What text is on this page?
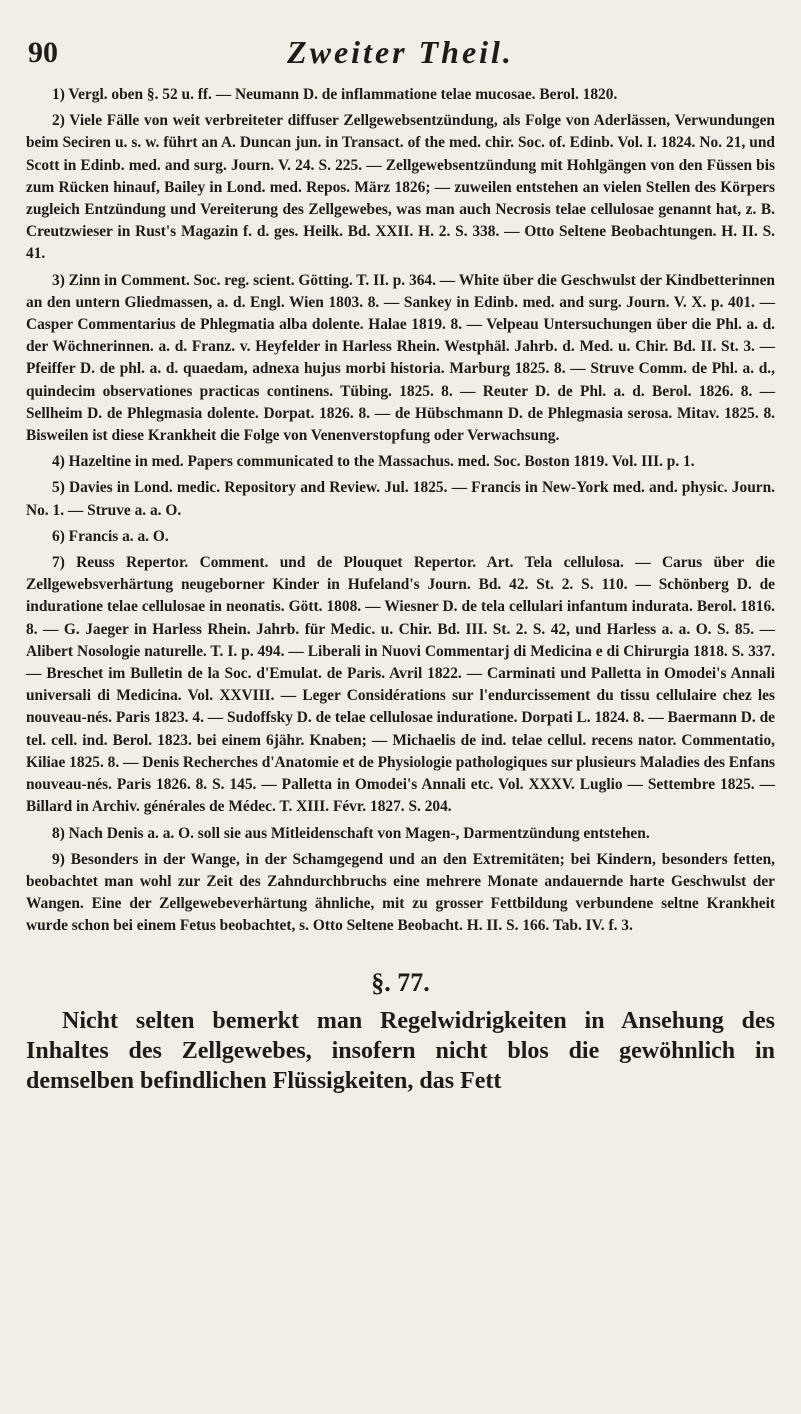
90	Zweiter Theil.

1) Vergl. oben §. 52 u. ff. — Neumann D. de inflammatione telae mucosae. Berol. 1820.

2) Viele Fälle von weit verbreiteter diffuser Zellgewebsentzündung, als Folge von Aderlässen, Verwundungen beim Seciren u. s. w. führt an A. Duncan jun. in Transact. of the med. chir. Soc. of. Edinb. Vol. I. 1824. No. 21, und Scott in Edinb. med. and surg. Journ. V. 24. S. 225. — Zellgewebsentzündung mit Hohlgängen von den Füssen bis zum Rücken hinauf, Bailey in Lond. med. Repos. März 1826; — zuweilen entstehen an vielen Stellen des Körpers zugleich Entzündung und Vereiterung des Zellgewebes, was man auch Necrosis telae cellulosae genannt hat, z. B. Creutzwieser in Rust's Magazin f. d. ges. Heilk. Bd. XXII. H. 2. S. 338. — Otto Seltene Beobachtungen. H. II. S. 41.

3) Zinn in Comment. Soc. reg. scient. Götting. T. II. p. 364. — White über die Geschwulst der Kindbetterinnen an den untern Gliedmassen, a. d. Engl. Wien 1803. 8. — Sankey in Edinb. med. and surg. Journ. V. X. p. 401. — Casper Commentarius de Phlegmatia alba dolente. Halae 1819. 8. — Velpeau Untersuchungen über die Phl. a. d. der Wöchnerinnen. a. d. Franz. v. Heyfelder in Harless Rhein. Westphäl. Jahrb. d. Med. u. Chir. Bd. II. St. 3. — Pfeiffer D. de phl. a. d. quaedam, adnexa hujus morbi historia. Marburg 1825. 8. — Struve Comm. de Phl. a. d., quindecim observationes practicas continens. Tübing. 1825. 8. — Reuter D. de Phl. a. d. Berol. 1826. 8. — Sellheim D. de Phlegmasia dolente. Dorpat. 1826. 8. — de Hübschmann D. de Phlegmasia serosa. Mitav. 1825. 8. Bisweilen ist diese Krankheit die Folge von Venenverstopfung oder Verwachsung.

4) Hazeltine in med. Papers communicated to the Massachus. med. Soc. Boston 1819. Vol. III. p. 1.

5) Davies in Lond. medic. Repository and Review. Jul. 1825. — Francis in New-York med. and. physic. Journ. No. 1. — Struve a. a. O.

6) Francis a. a. O.

7) Reuss Repertor. Comment. und de Plouquet Repertor. Art. Tela cellulosa. — Carus über die Zellgewebsverhärtung neugeborner Kinder in Hufeland's Journ. Bd. 42. St. 2. S. 110. — Schönberg D. de induratione telae cellulosae in neonatis. Gött. 1808. — Wiesner D. de tela cellulari infantum indurata. Berol. 1816. 8. — G. Jaeger in Harless Rhein. Jahrb. für Medic. u. Chir. Bd. III. St. 2. S. 42, und Harless a. a. O. S. 85. — Alibert Nosologie naturelle. T. I. p. 494. — Liberali in Nuovi Commentarj di Medicina e di Chirurgia 1818. S. 337. — Breschet im Bulletin de la Soc. d'Emulat. de Paris. Avril 1822. — Carminati und Palletta in Omodei's Annali universali di Medicina. Vol. XXVIII. — Leger Considérations sur l'endurcissement du tissu cellulaire chez les nouveau-nés. Paris 1823. 4. — Sudoffsky D. de telae cellulosae induratione. Dorpati L. 1824. 8. — Baermann D. de tel. cell. ind. Berol. 1823. bei einem 6jähr. Knaben; — Michaelis de ind. telae cellul. recens nator. Commentatio, Kiliae 1825. 8. — Denis Recherches d'Anatomie et de Physiologie pathologiques sur plusieurs Maladies des Enfans nouveau-nés. Paris 1826. 8. S. 145. — Palletta in Omodei's Annali etc. Vol. XXXV. Luglio — Settembre 1825. — Billard in Archiv. générales de Médec. T. XIII. Févr. 1827. S. 204.

8) Nach Denis a. a. O. soll sie aus Mitleidenschaft von Magen-, Darmentzündung entstehen.

9) Besonders in der Wange, in der Schamgegend und an den Extremitäten; bei Kindern, besonders fetten, beobachtet man wohl zur Zeit des Zahndurchbruchs eine mehrere Monate andauernde harte Geschwulst der Wangen. Eine der Zellgewebeverhärtung ähnliche, mit zu grosser Fettbildung verbundene seltne Krankheit wurde schon bei einem Fetus beobachtet, s. Otto Seltene Beobacht. H. II. S. 166. Tab. IV. f. 3.

§. 77.

Nicht selten bemerkt man Regelwidrigkeiten in Ansehung des Inhaltes des Zellgewebes, insofern nicht blos die gewöhnlich in demselben befindlichen Flüssigkeiten, das Fett
